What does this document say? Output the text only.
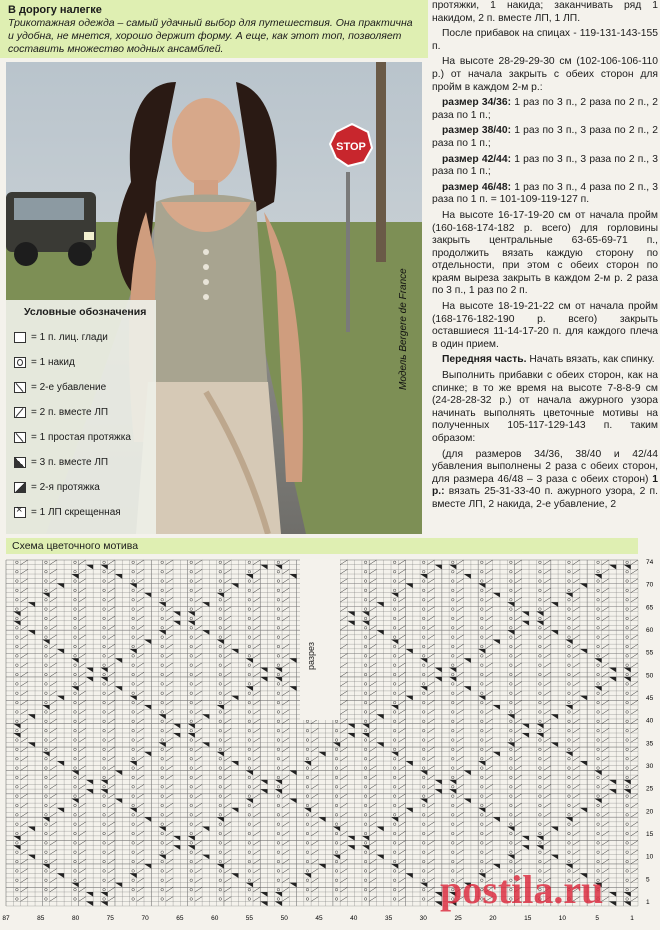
В дорогу налегке
Трикотажная одежда – самый удачный выбор для путешествия. Она практична и удобна, не мнется, хорошо держит форму. А еще, как этот топ, позволяет составить множество модных ансамблей.
STOP
Условные обозначения
= 1 п. лиц. глади
= 1 накид
= 2-е убавление
= 2 п. вместе ЛП
= 1 простая протяжка
= 3 п. вместе ЛП
= 2-я протяжка
×
= 1 ЛП скрещенная
Модель Bergere de France

протяжки, 1 накида; заканчивать ряд 1 накидом, 2 п. вместе ЛП, 1 ЛП.

После прибавок на спицах - 119-131-143-155 п.

На высоте 28-29-29-30 см (102-106-106-110 р.) от начала закрыть с обеих сторон для пройм в каждом 2-м р.:

размер 34/36: 1 раз по 3 п., 2 раза по 2 п., 2 раза по 1 п.;

размер 38/40: 1 раз по 3 п., 3 раза по 2 п., 2 раза по 1 п.;

размер 42/44: 1 раз по 3 п., 3 раза по 2 п., 3 раза по 1 п.;

размер 46/48: 1 раз по 3 п., 4 раза по 2 п., 3 раза по 1 п. = 101-109-119-127 п.

На высоте 16-17-19-20 см от начала пройм (160-168-174-182 р. всего) для горловины закрыть центральные 63-65-69-71 п., продолжить вязать каждую сторону по отдельности, при этом с обеих сторон по краям выреза закрыть в каждом 2-м р. 2 раза по 3 п., 1 раз по 2 п.

На высоте 18-19-21-22 см от начала пройм (168-176-182-190 р. всего) закрыть оставшиеся 11-14-17-20 п. для каждого плеча в один прием.

Передняя часть. Начать вязать, как спинку.

Выполнить прибавки с обеих сторон, как на спинке; в то же время на высоте 7-8-8-9 см (24-28-28-32 р.) от начала ажурного узора начинать выполнять цветочные мотивы на полученных 105-117-129-143 п. таким образом:

(для размеров 34/36, 38/40 и 42/44 убавления выполнены 2 раза с обеих сторон, для размера 46/48 – 3 раза с обеих сторон) 1 р.: вязать 25-31-33-40 п. ажурного узора, 2 п. вместе ЛП, 2 накида, 2-е убавление, 2

Схема цветочного мотива
87	85	80	75	70	65	60	55	50	45	40	35	30	25	20	15	10	5	1
74
70
65
60
55
50
45
40
35
30
25
20
15
10
5
1
разрез
postila.ru
